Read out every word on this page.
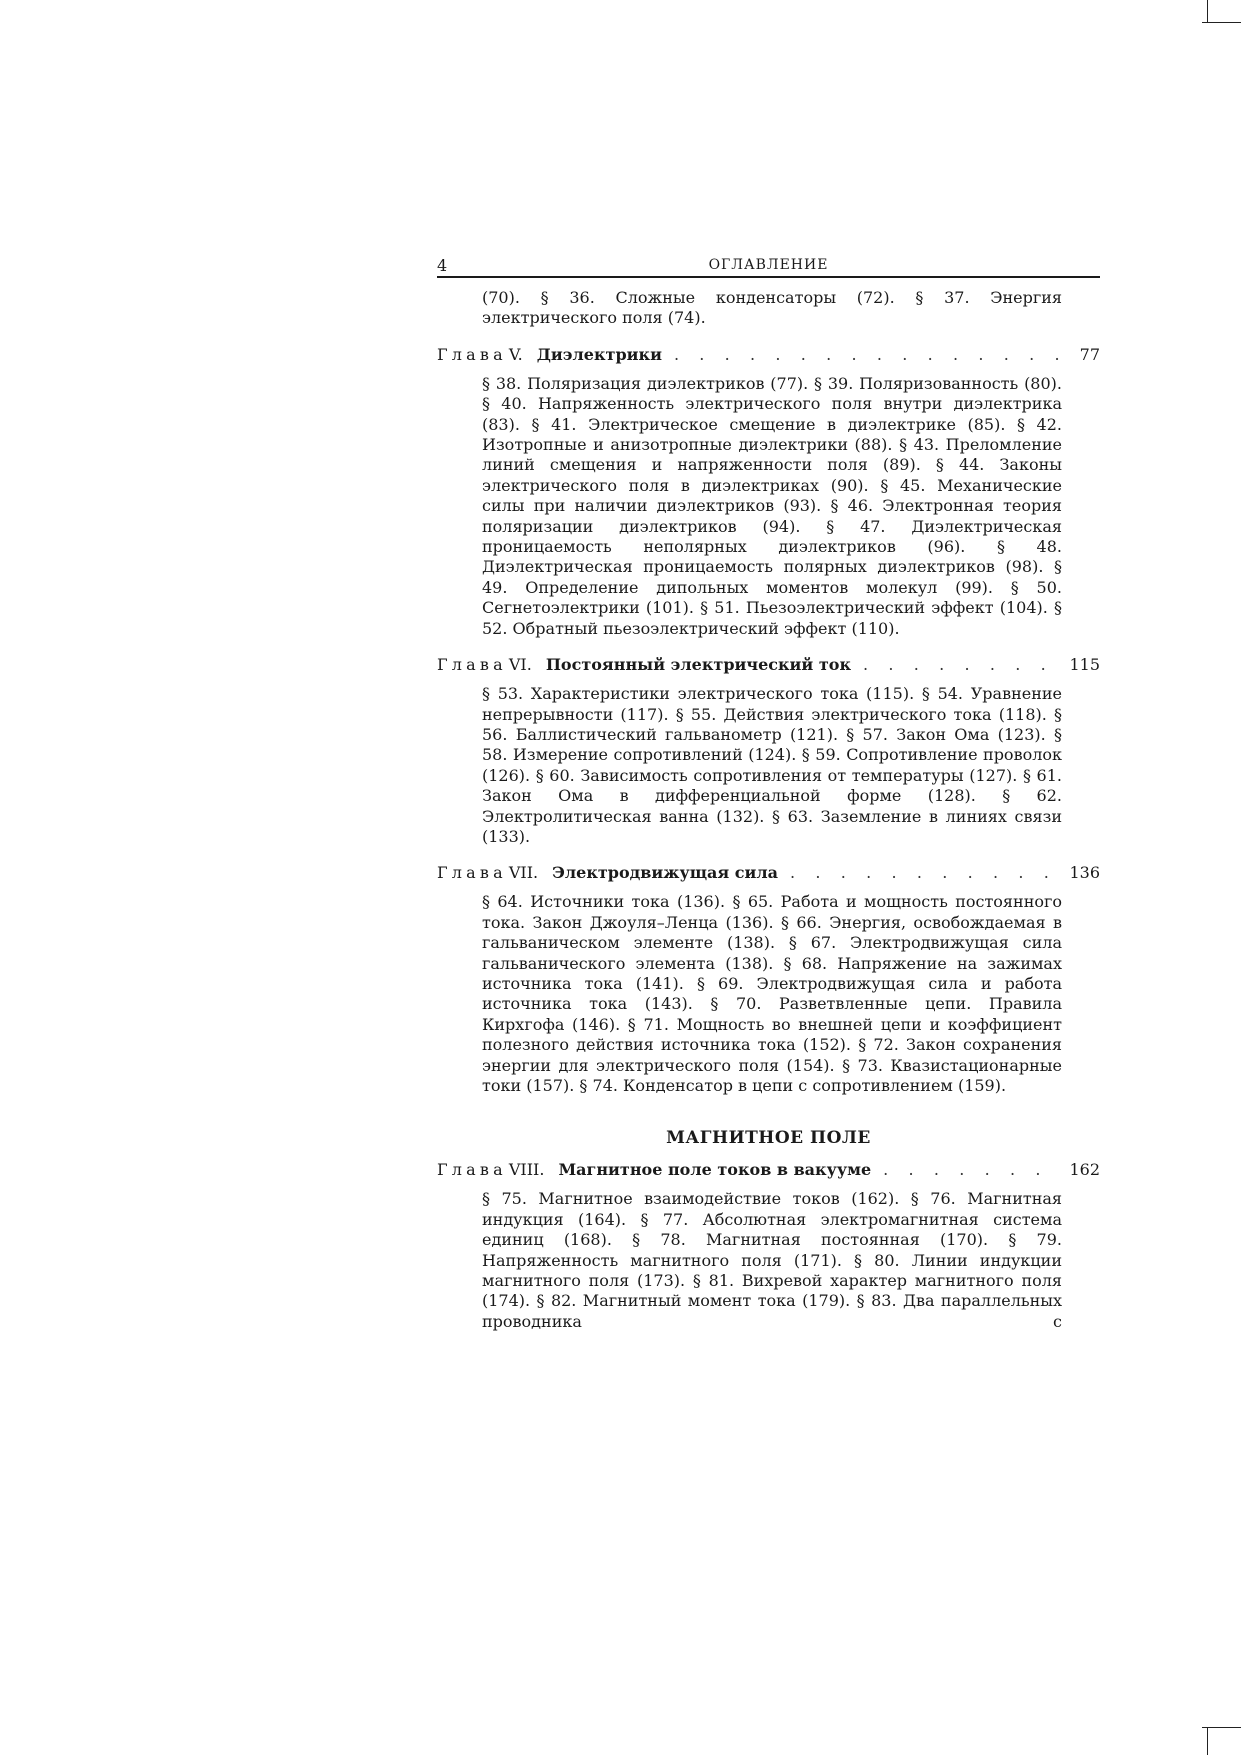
4	ОГЛАВЛЕНИЕ
(70). § 36. Сложные конденсаторы (72). § 37. Энергия электрического поля (74).
Глава V. Диэлектрики . . .	77
§ 38. Поляризация диэлектриков (77). § 39. Поляризованность (80). § 40. Напряженность электрического поля внутри диэлектрика (83). § 41. Электрическое смещение в диэлектрике (85). § 42. Изотропные и анизотропные диэлектрики (88). § 43. Преломление линий смещения и напряженности поля (89). § 44. Законы электрического поля в диэлектриках (90). § 45. Механические силы при наличии диэлектриков (93). § 46. Электронная теория поляризации диэлектриков (94). § 47. Диэлектрическая проницаемость неполярных диэлектриков (96). § 48. Диэлектрическая проницаемость полярных диэлектриков (98). § 49. Определение дипольных моментов молекул (99). § 50. Сегнетоэлектрики (101). § 51. Пьезоэлектрический эффект (104). § 52. Обратный пьезоэлектрический эффект (110).
Глава VI. Постоянный электрический ток . . .	115
§ 53. Характеристики электрического тока (115). § 54. Уравнение непрерывности (117). § 55. Действия электрического тока (118). § 56. Баллистический гальванометр (121). § 57. Закон Ома (123). § 58. Измерение сопротивлений (124). § 59. Сопротивление проволок (126). § 60. Зависимость сопротивления от температуры (127). § 61. Закон Ома в дифференциальной форме (128). § 62. Электролитическая ванна (132). § 63. Заземление в линиях связи (133).
Глава VII. Электродвижущая сила . . .	136
§ 64. Источники тока (136). § 65. Работа и мощность постоянного тока. Закон Джоуля–Ленца (136). § 66. Энергия, освобождаемая в гальваническом элементе (138). § 67. Электродвижущая сила гальванического элемента (138). § 68. Напряжение на зажимах источника тока (141). § 69. Электродвижущая сила и работа источника тока (143). § 70. Разветвленные цепи. Правила Кирхгофа (146). § 71. Мощность во внешней цепи и коэффициент полезного действия источника тока (152). § 72. Закон сохранения энергии для электрического поля (154). § 73. Квазистационарные токи (157). § 74. Конденсатор в цепи с сопротивлением (159).
МАГНИТНОЕ ПОЛЕ
Глава VIII. Магнитное поле токов в вакууме . . .	162
§ 75. Магнитное взаимодействие токов (162). § 76. Магнитная индукция (164). § 77. Абсолютная электромагнитная система единиц (168). § 78. Магнитная постоянная (170). § 79. Напряженность магнитного поля (171). § 80. Линии индукции магнитного поля (173). § 81. Вихревой характер магнитного поля (174). § 82. Магнитный момент тока (179). § 83. Два параллельных проводника с
